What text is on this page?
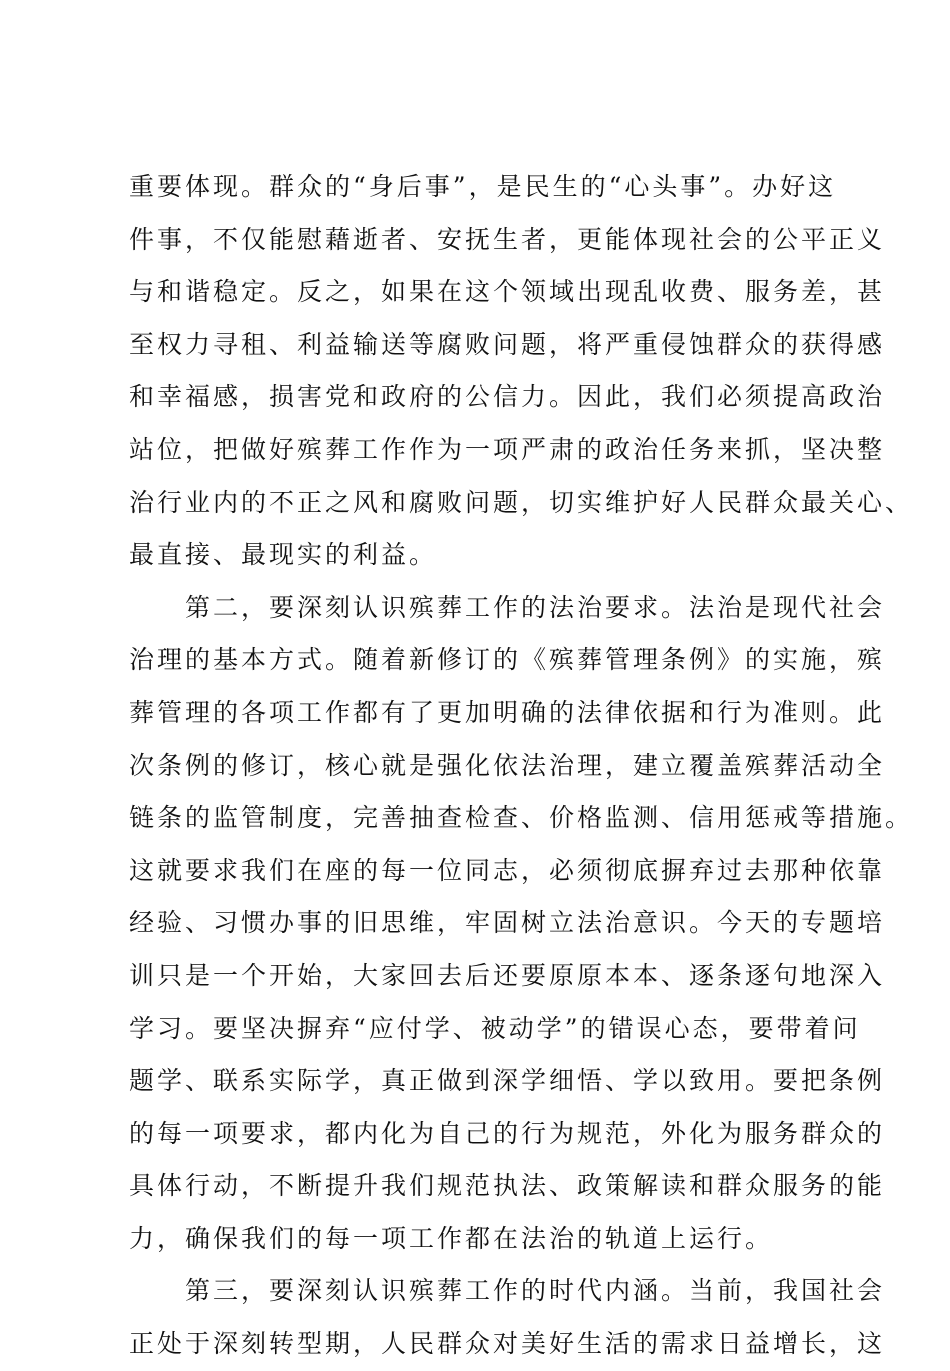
重要体现。群众的“身后事”，是民生的“心头事”。办好这
件事，不仅能慰藉逝者、安抚生者，更能体现社会的公平正义
与和谐稳定。反之，如果在这个领域出现乱收费、服务差，甚
至权力寻租、利益输送等腐败问题，将严重侵蚀群众的获得感
和幸福感，损害党和政府的公信力。因此，我们必须提高政治
站位，把做好殡葬工作作为一项严肃的政治任务来抓，坚决整
治行业内的不正之风和腐败问题，切实维护好人民群众最关心、
最直接、最现实的利益。
　　第二，要深刻认识殡葬工作的法治要求。法治是现代社会
治理的基本方式。随着新修订的《殡葬管理条例》的实施，殡
葬管理的各项工作都有了更加明确的法律依据和行为准则。此
次条例的修订，核心就是强化依法治理，建立覆盖殡葬活动全
链条的监管制度，完善抽查检查、价格监测、信用惩戒等措施。
这就要求我们在座的每一位同志，必须彻底摒弃过去那种依靠
经验、习惯办事的旧思维，牢固树立法治意识。今天的专题培
训只是一个开始，大家回去后还要原原本本、逐条逐句地深入
学习。要坚决摒弃“应付学、被动学”的错误心态，要带着问
题学、联系实际学，真正做到深学细悟、学以致用。要把条例
的每一项要求，都内化为自己的行为规范，外化为服务群众的
具体行动，不断提升我们规范执法、政策解读和群众服务的能
力，确保我们的每一项工作都在法治的轨道上运行。
　　第三，要深刻认识殡葬工作的时代内涵。当前，我国社会
正处于深刻转型期，人民群众对美好生活的需求日益增长，这
